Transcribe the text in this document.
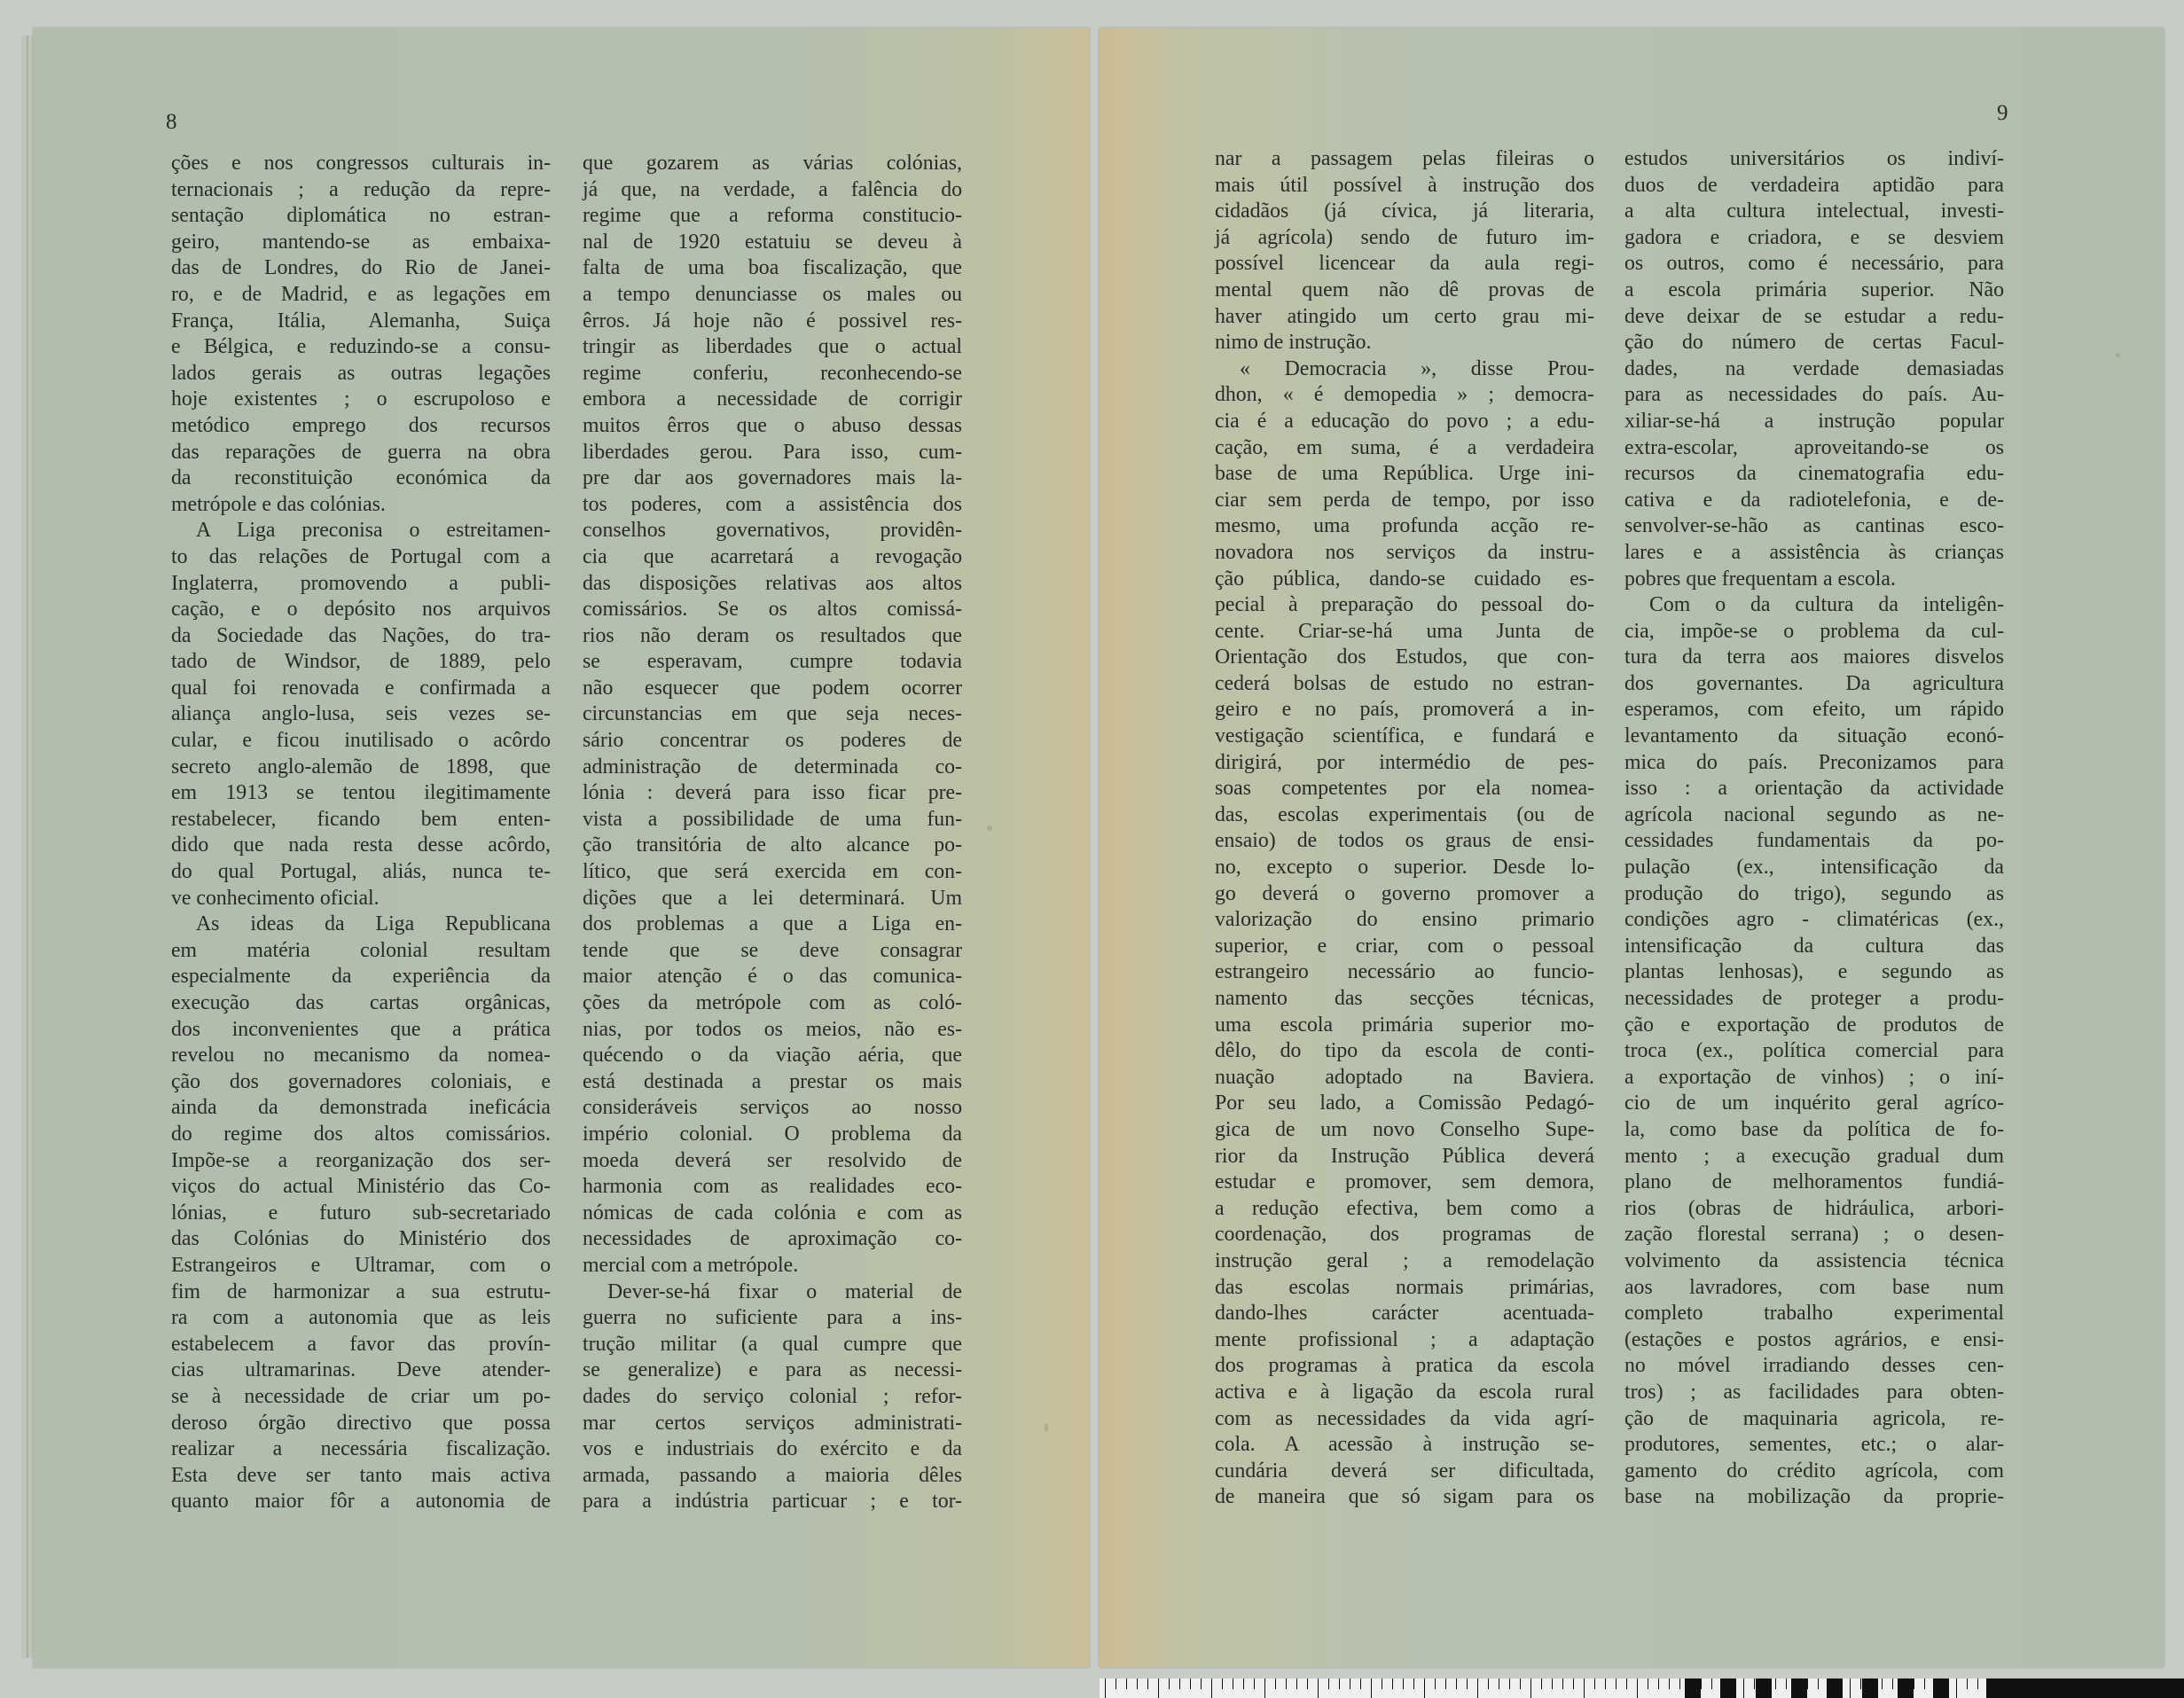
8	9
ções e nos congressos culturais in-
ternacionais ; a redução da repre-
sentação diplomática no estran-
geiro, mantendo-se as embaixa-
das de Londres, do Rio de Janei-
ro, e de Madrid, e as legações em
França, Itália, Alemanha, Suiça
e Bélgica, e reduzindo-se a consu-
lados gerais as outras legações
hoje existentes ; o escrupoloso e
metódico emprego dos recursos
das reparações de guerra na obra
da reconstituição económica da
metrópole e das colónias.
A Liga preconisa o estreitamen-
to das relações de Portugal com a
Inglaterra, promovendo a publi-
cação, e o depósito nos arquivos
da Sociedade das Nações, do tra-
tado de Windsor, de 1889, pelo
qual foi renovada e confirmada a
aliança anglo-lusa, seis vezes se-
cular, e ficou inutilisado o acôrdo
secreto anglo-alemão de 1898, que
em 1913 se tentou ilegitimamente
restabelecer, ficando bem enten-
dido que nada resta desse acôrdo,
do qual Portugal, aliás, nunca te-
ve conhecimento oficial.
As ideas da Liga Republicana
em matéria colonial resultam
especialmente da experiência da
execução das cartas orgânicas,
dos inconvenientes que a prática
revelou no mecanismo da nomea-
ção dos governadores coloniais, e
ainda da demonstrada ineficácia
do regime dos altos comissários.
Impõe-se a reorganização dos ser-
viços do actual Ministério das Co-
lónias, e futuro sub-secretariado
das Colónias do Ministério dos
Estrangeiros e Ultramar, com o
fim de harmonizar a sua estrutu-
ra com a autonomia que as leis
estabelecem a favor das provín-
cias ultramarinas. Deve atender-
se à necessidade de criar um po-
deroso órgão directivo que possa
realizar a necessária fiscalização.
Esta deve ser tanto mais activa
quanto maior fôr a autonomia de
que gozarem as várias colónias,
já que, na verdade, a falência do
regime que a reforma constitucio-
nal de 1920 estatuiu se deveu à
falta de uma boa fiscalização, que
a tempo denunciasse os males ou
êrros. Já hoje não é possivel res-
tringir as liberdades que o actual
regime conferiu, reconhecendo-se
embora a necessidade de corrigir
muitos êrros que o abuso dessas
liberdades gerou. Para isso, cum-
pre dar aos governadores mais la-
tos poderes, com a assistência dos
conselhos governativos, providên-
cia que acarretará a revogação
das disposições relativas aos altos
comissários. Se os altos comissá-
rios não deram os resultados que
se esperavam, cumpre todavia
não esquecer que podem ocorrer
circunstancias em que seja neces-
sário concentrar os poderes de
administração de determinada co-
lónia : deverá para isso ficar pre-
vista a possibilidade de uma fun-
ção transitória de alto alcance po-
lítico, que será exercida em con-
dições que a lei determinará. Um
dos problemas a que a Liga en-
tende que se deve consagrar
maior atenção é o das comunica-
ções da metrópole com as coló-
nias, por todos os meios, não es-
quécendo o da viação aéria, que
está destinada a prestar os mais
consideráveis serviços ao nosso
império colonial. O problema da
moeda deverá ser resolvido de
harmonia com as realidades eco-
nómicas de cada colónia e com as
necessidades de aproximação co-
mercial com a metrópole.
Dever-se-há fixar o material de
guerra no suficiente para a ins-
trução militar (a qual cumpre que
se generalize) e para as necessi-
dades do serviço colonial ; refor-
mar certos serviços administrati-
vos e industriais do exército e da
armada, passando a maioria dêles
para a indústria particuar ; e tor-
nar a passagem pelas fileiras o
mais útil possível à instrução dos
cidadãos (já cívica, já literaria,
já agrícola) sendo de futuro im-
possível licencear da aula regi-
mental quem não dê provas de
haver atingido um certo grau mi-
nimo de instrução.
« Democracia », disse Prou-
dhon, « é demopedia » ; democra-
cia é a educação do povo ; a edu-
cação, em suma, é a verdadeira
base de uma República. Urge ini-
ciar sem perda de tempo, por isso
mesmo, uma profunda acção re-
novadora nos serviços da instru-
ção pública, dando-se cuidado es-
pecial à preparação do pessoal do-
cente. Criar-se-há uma Junta de
Orientação dos Estudos, que con-
cederá bolsas de estudo no estran-
geiro e no país, promoverá a in-
vestigação scientífica, e fundará e
dirigirá, por intermédio de pes-
soas competentes por ela nomea-
das, escolas experimentais (ou de
ensaio) de todos os graus de ensi-
no, excepto o superior. Desde lo-
go deverá o governo promover a
valorização do ensino primario
superior, e criar, com o pessoal
estrangeiro necessário ao funcio-
namento das secções técnicas,
uma escola primária superior mo-
dêlo, do tipo da escola de conti-
nuação adoptado na Baviera.
Por seu lado, a Comissão Pedagó-
gica de um novo Conselho Supe-
rior da Instrução Pública deverá
estudar e promover, sem demora,
a redução efectiva, bem como a
coordenação, dos programas de
instrução geral ; a remodelação
das escolas normais primárias,
dando-lhes carácter acentuada-
mente profissional ; a adaptação
dos programas à pratica da escola
activa e à ligação da escola rural
com as necessidades da vida agrí-
cola. A acessão à instrução se-
cundária deverá ser dificultada,
de maneira que só sigam para os
estudos universitários os indiví-
duos de verdadeira aptidão para
a alta cultura intelectual, investi-
gadora e criadora, e se desviem
os outros, como é necessário, para
a escola primária superior. Não
deve deixar de se estudar a redu-
ção do número de certas Facul-
dades, na verdade demasiadas
para as necessidades do país. Au-
xiliar-se-há a instrução popular
extra-escolar, aproveitando-se os
recursos da cinematografia edu-
cativa e da radiotelefonia, e de-
senvolver-se-hão as cantinas esco-
lares e a assistência às crianças
pobres que frequentam a escola.
Com o da cultura da inteligên-
cia, impõe-se o problema da cul-
tura da terra aos maiores disvelos
dos governantes. Da agricultura
esperamos, com efeito, um rápido
levantamento da situação econó-
mica do país. Preconizamos para
isso : a orientação da actividade
agrícola nacional segundo as ne-
cessidades fundamentais da po-
pulação (ex., intensificação da
produção do trigo), segundo as
condições agro - climatéricas (ex.,
intensificação da cultura das
plantas lenhosas), e segundo as
necessidades de proteger a produ-
ção e exportação de produtos de
troca (ex., política comercial para
a exportação de vinhos) ; o iní-
cio de um inquérito geral agríco-
la, como base da política de fo-
mento ; a execução gradual dum
plano de melhoramentos fundiá-
rios (obras de hidráulica, arbori-
zação florestal serrana) ; o desen-
volvimento da assistencia técnica
aos lavradores, com base num
completo trabalho experimental
(estações e postos agrários, e ensi-
no móvel irradiando desses cen-
tros) ; as facilidades para obten-
ção de maquinaria agricola, re-
produtores, sementes, etc.; o alar-
gamento do crédito agrícola, com
base na mobilização da proprie-
